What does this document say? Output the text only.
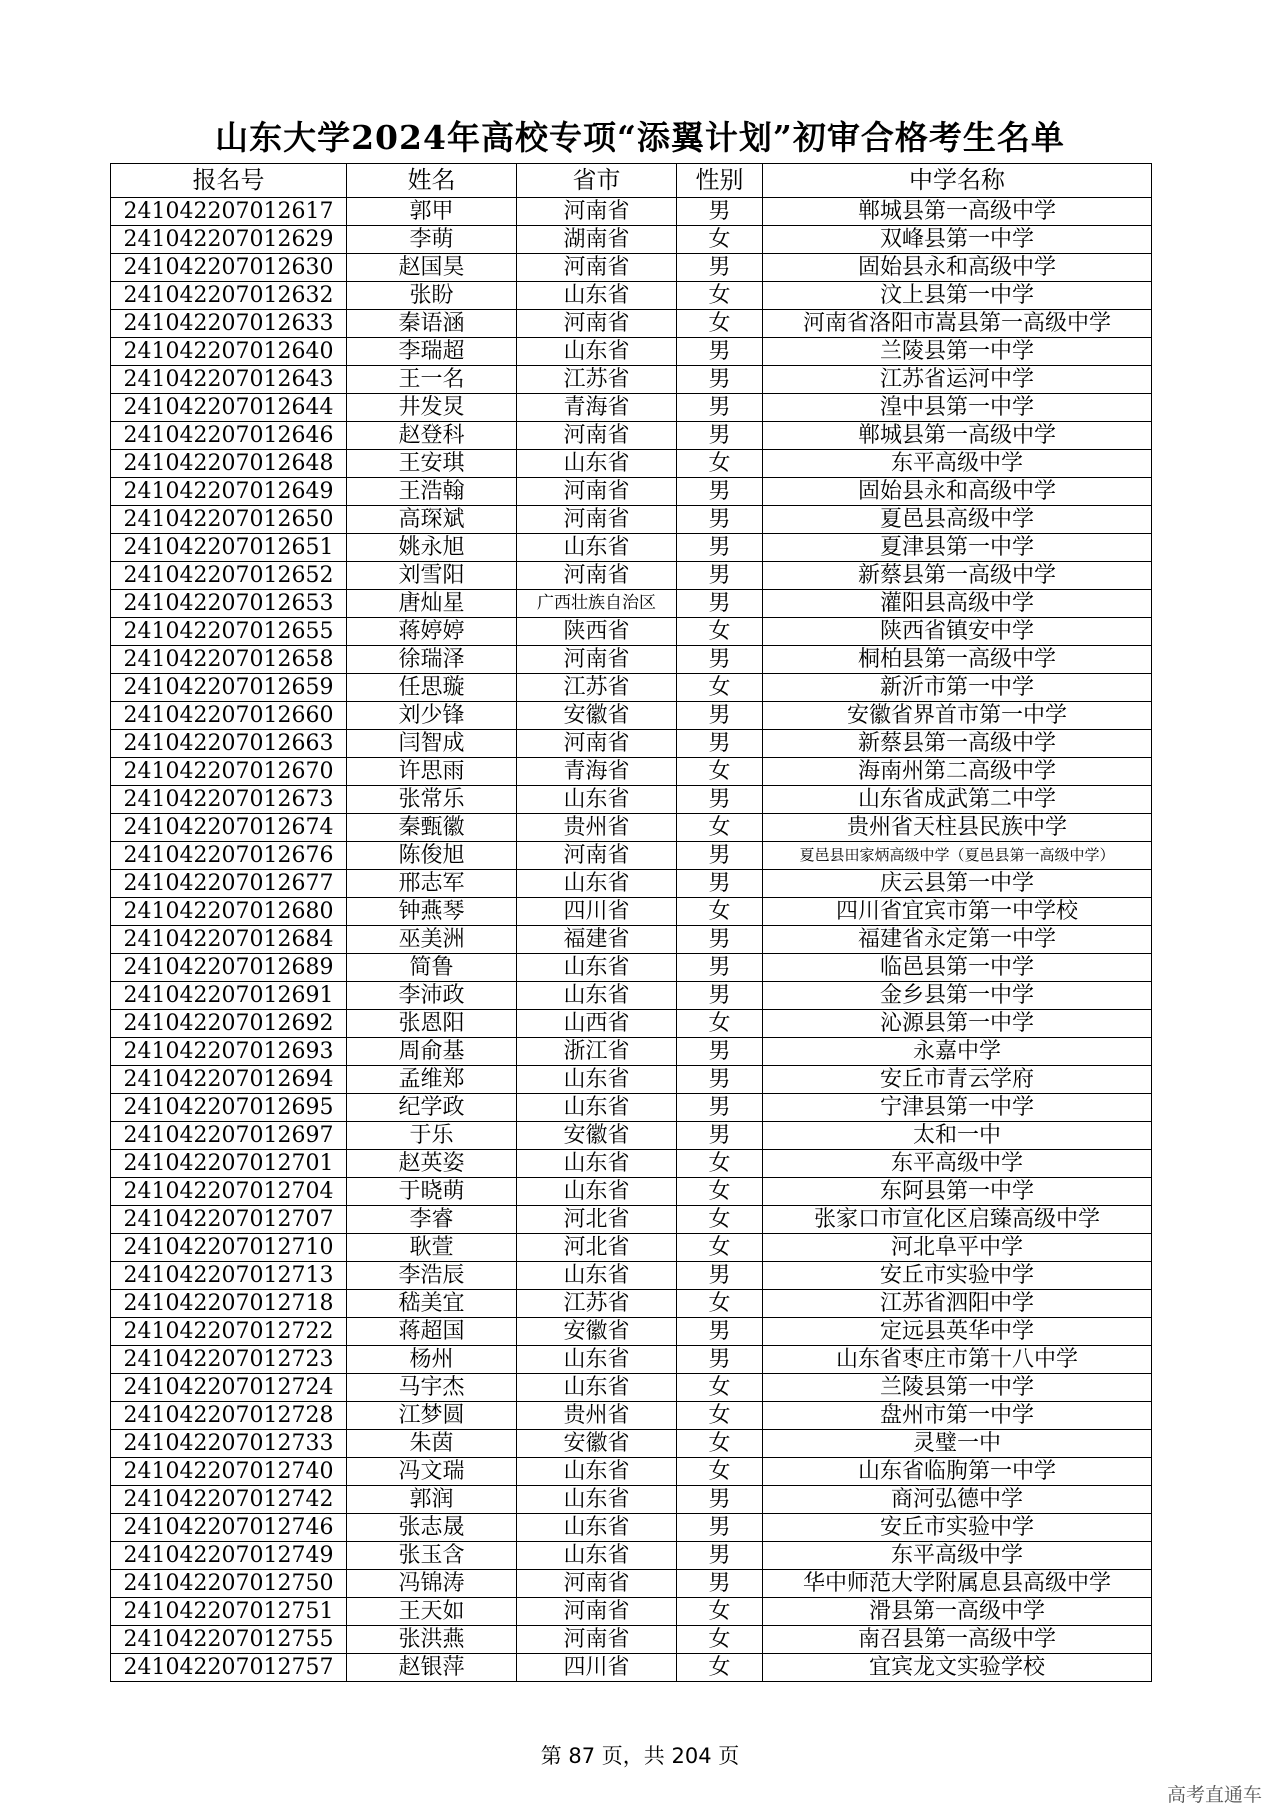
山东大学2024年高校专项“添翼计划”初审合格考生名单
报名号	姓名	省市	性别	中学名称
241042207012617	郭甲	河南省	男	郸城县第一高级中学
241042207012629	李萌	湖南省	女	双峰县第一中学
241042207012630	赵国昊	河南省	男	固始县永和高级中学
241042207012632	张盼	山东省	女	汶上县第一中学
241042207012633	秦语涵	河南省	女	河南省洛阳市嵩县第一高级中学
241042207012640	李瑞超	山东省	男	兰陵县第一中学
241042207012643	王一名	江苏省	男	江苏省运河中学
241042207012644	井发炅	青海省	男	湟中县第一中学
241042207012646	赵登科	河南省	男	郸城县第一高级中学
241042207012648	王安琪	山东省	女	东平高级中学
241042207012649	王浩翰	河南省	男	固始县永和高级中学
241042207012650	高琛斌	河南省	男	夏邑县高级中学
241042207012651	姚永旭	山东省	男	夏津县第一中学
241042207012652	刘雪阳	河南省	男	新蔡县第一高级中学
241042207012653	唐灿星	广西壮族自治区	男	灌阳县高级中学
241042207012655	蒋婷婷	陕西省	女	陕西省镇安中学
241042207012658	徐瑞泽	河南省	男	桐柏县第一高级中学
241042207012659	任思璇	江苏省	女	新沂市第一中学
241042207012660	刘少锋	安徽省	男	安徽省界首市第一中学
241042207012663	闫智成	河南省	男	新蔡县第一高级中学
241042207012670	许思雨	青海省	女	海南州第二高级中学
241042207012673	张常乐	山东省	男	山东省成武第二中学
241042207012674	秦甄徽	贵州省	女	贵州省天柱县民族中学
241042207012676	陈俊旭	河南省	男	夏邑县田家炳高级中学（夏邑县第一高级中学）
241042207012677	邢志军	山东省	男	庆云县第一中学
241042207012680	钟燕琴	四川省	女	四川省宜宾市第一中学校
241042207012684	巫美洲	福建省	男	福建省永定第一中学
241042207012689	简鲁	山东省	男	临邑县第一中学
241042207012691	李沛政	山东省	男	金乡县第一中学
241042207012692	张恩阳	山西省	女	沁源县第一中学
241042207012693	周俞基	浙江省	男	永嘉中学
241042207012694	孟维郑	山东省	男	安丘市青云学府
241042207012695	纪学政	山东省	男	宁津县第一中学
241042207012697	于乐	安徽省	男	太和一中
241042207012701	赵英姿	山东省	女	东平高级中学
241042207012704	于晓萌	山东省	女	东阿县第一中学
241042207012707	李睿	河北省	女	张家口市宣化区启臻高级中学
241042207012710	耿萱	河北省	女	河北阜平中学
241042207012713	李浩辰	山东省	男	安丘市实验中学
241042207012718	嵇美宜	江苏省	女	江苏省泗阳中学
241042207012722	蒋超国	安徽省	男	定远县英华中学
241042207012723	杨州	山东省	男	山东省枣庄市第十八中学
241042207012724	马宇杰	山东省	女	兰陵县第一中学
241042207012728	江梦圆	贵州省	女	盘州市第一中学
241042207012733	朱茵	安徽省	女	灵璧一中
241042207012740	冯文瑞	山东省	女	山东省临朐第一中学
241042207012742	郭润	山东省	男	商河弘德中学
241042207012746	张志晟	山东省	男	安丘市实验中学
241042207012749	张玉含	山东省	男	东平高级中学
241042207012750	冯锦涛	河南省	男	华中师范大学附属息县高级中学
241042207012751	王天如	河南省	女	滑县第一高级中学
241042207012755	张洪燕	河南省	女	南召县第一高级中学
241042207012757	赵银萍	四川省	女	宜宾龙文实验学校
第 87 页，共 204 页
高考直通车
